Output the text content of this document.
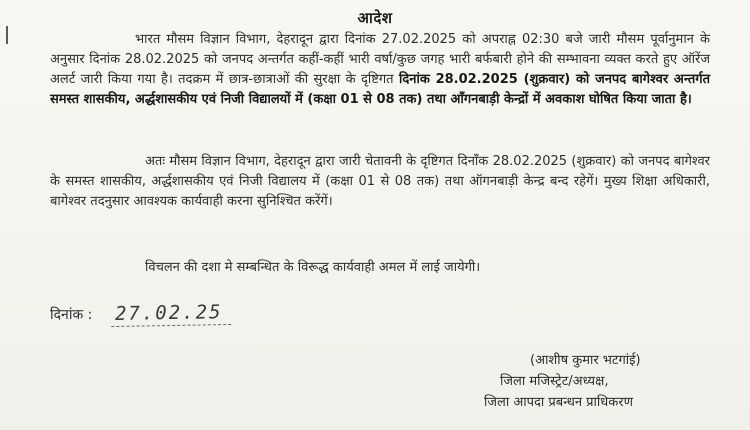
आदेश
भारत मौसम विज्ञान विभाग, देहरादून द्वारा दिनांक 27.02.2025 को अपराह्न 02:30 बजे जारी मौसम पूर्वानुमान के अनुसार दिनांक 28.02.2025 को जनपद अन्तर्गत कहीं-कहीं भारी वर्षा/कुछ जगह भारी बर्फबारी होने की सम्भावना व्यक्त करते हुए ऑरेंज अलर्ट जारी किया गया है। तदक्रम में छात्र-छात्राओं की सुरक्षा के दृष्टिगत दिनांक 28.02.2025 (शुक्रवार) को जनपद बागेश्वर अन्तर्गत समस्त शासकीय, अर्द्धशासकीय एवं निजी विद्यालयों में (कक्षा 01 से 08 तक) तथा आँगनबाड़ी केन्द्रों में अवकाश घोषित किया जाता है।
अतः मौसम विज्ञान विभाग, देहरादून द्वारा जारी चेतावनी के दृष्टिगत दिनाँक 28.02.2025 (शुक्रवार) को जनपद बागेश्वर के समस्त शासकीय, अर्द्धशासकीय एवं निजी विद्यालय में (कक्षा 01 से 08 तक) तथा ऑगनबाड़ी केन्द्र बन्द रहेगें। मुख्य शिक्षा अधिकारी, बागेश्वर तदनुसार आवश्यक कार्यवाही करना सुनिश्चित करेंगें।
विचलन की दशा मे सम्बन्धित के विरूद्ध कार्यवाही अमल में लाई जायेगी।
दिनांक : 27.02.25
(आशीष कुमार भटगांई)
जिला मजिस्ट्रेट/अध्यक्ष,
जिला आपदा प्रबन्धन प्राधिकरण
